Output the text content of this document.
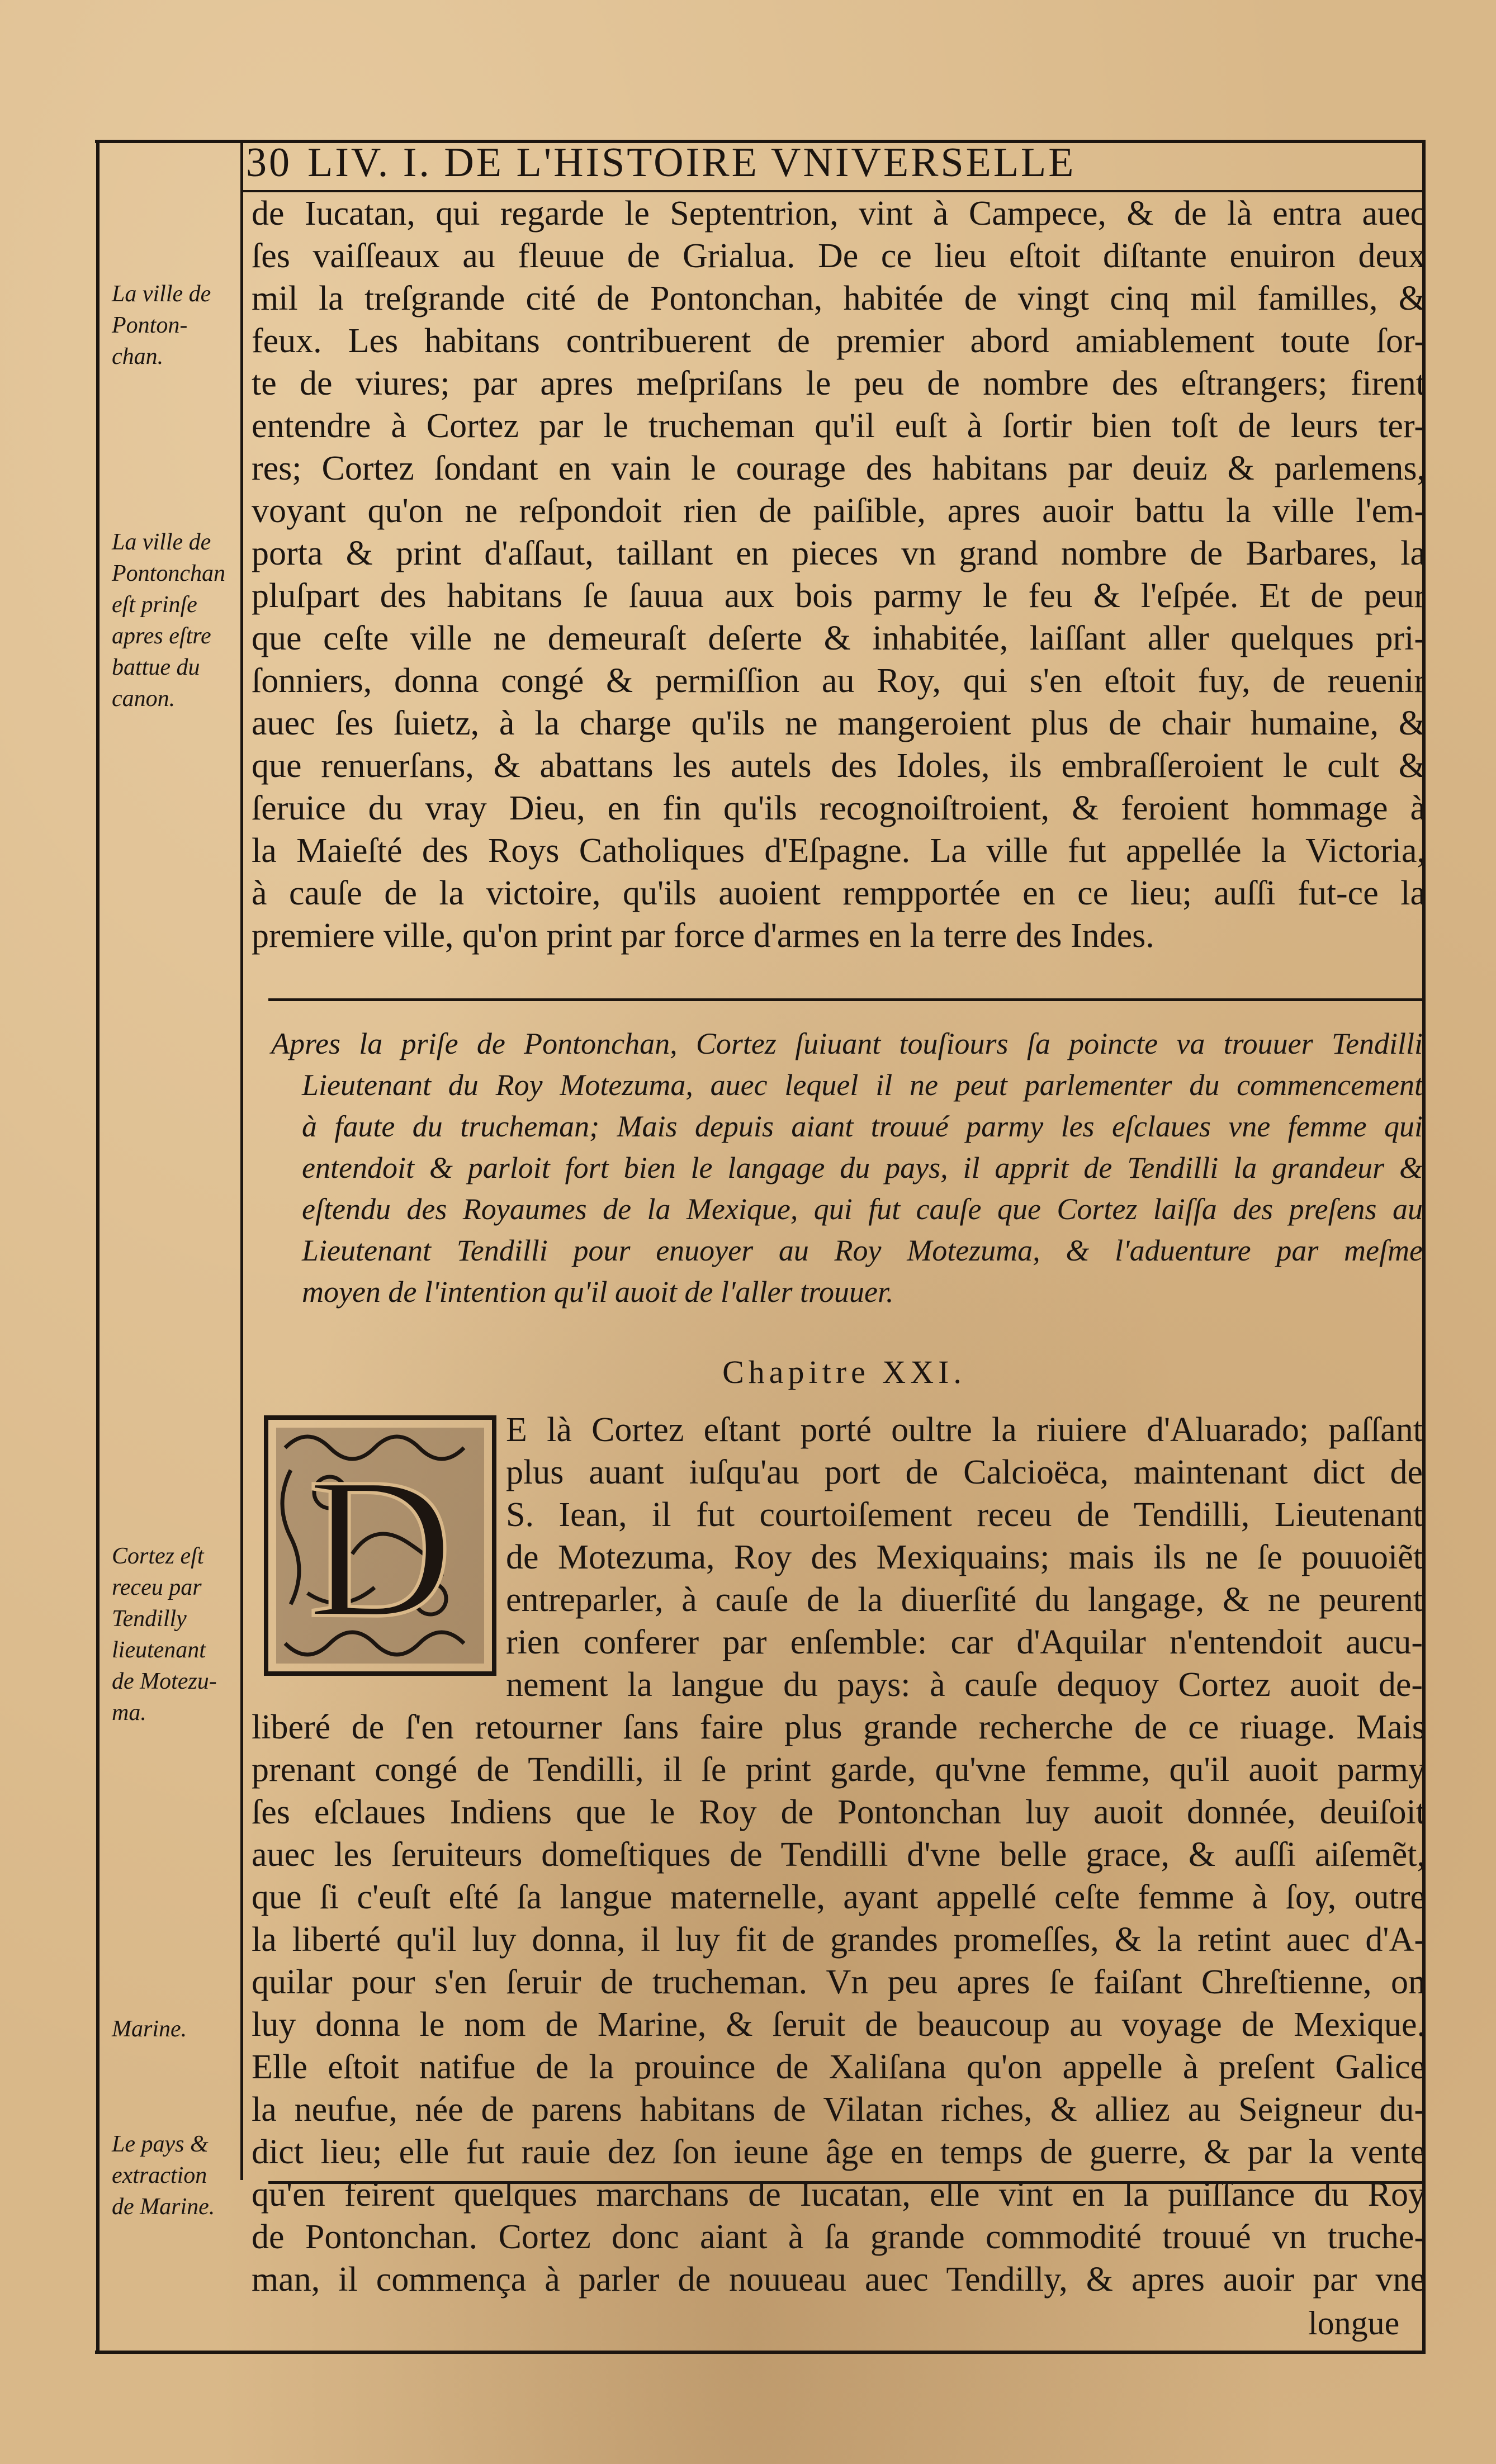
30 LIV. I. DE L'HISTOIRE VNIVERSELLE
de Iucatan, qui regarde le Septentrion, vint à Campece, & de là entra auec
ſes vaiſſeaux au fleuue de Grialua. De ce lieu eſtoit diſtante enuiron deux
mil la treſgrande cité de Pontonchan, habitée de vingt cinq mil familles, &
feux. Les habitans contribuerent de premier abord amiablement toute ſor-
te de viures; par apres meſpriſans le peu de nombre des eſtrangers; firent
entendre à Cortez par le trucheman qu'il euſt à ſortir bien toſt de leurs ter-
res; Cortez ſondant en vain le courage des habitans par deuiz & parlemens,
voyant qu'on ne reſpondoit rien de paiſible, apres auoir battu la ville l'em-
porta & print d'aſſaut, taillant en pieces vn grand nombre de Barbares, la
pluſpart des habitans ſe ſauua aux bois parmy le feu & l'eſpée. Et de peur
que ceſte ville ne demeuraſt deſerte & inhabitée, laiſſant aller quelques pri-
ſonniers, donna congé & permiſſion au Roy, qui s'en eſtoit fuy, de reuenir
auec ſes ſuietz, à la charge qu'ils ne mangeroient plus de chair humaine, &
que renuerſans, & abattans les autels des Idoles, ils embraſſeroient le cult &
ſeruice du vray Dieu, en fin qu'ils recognoiſtroient, & feroient hommage à
la Maieſté des Roys Catholiques d'Eſpagne. La ville fut appellée la Victoria,
à cauſe de la victoire, qu'ils auoient rempportée en ce lieu; auſſi fut-ce la
premiere ville, qu'on print par force d'armes en la terre des Indes.
Apres la priſe de Pontonchan, Cortez ſuiuant touſiours ſa poincte va trouuer Tendilli
Lieutenant du Roy Motezuma, auec lequel il ne peut parlementer du commencement
à faute du trucheman; Mais depuis aiant trouué parmy les eſclaues vne femme qui
entendoit & parloit fort bien le langage du pays, il apprit de Tendilli la grandeur &
eſtendu des Royaumes de la Mexique, qui fut cauſe que Cortez laiſſa des preſens au
Lieutenant Tendilli pour enuoyer au Roy Motezuma, & l'aduenture par meſme
moyen de l'intention qu'il auoit de l'aller trouuer.
Chapitre XXI.
D
E là Cortez eſtant porté oultre la riuiere d'Aluarado; paſſant
plus auant iuſqu'au port de Calcioëca, maintenant dict de
S. Iean, il fut courtoiſement receu de Tendilli, Lieutenant
de Motezuma, Roy des Mexiquains; mais ils ne ſe pouuoiẽt
entreparler, à cauſe de la diuerſité du langage, & ne peurent
rien conferer par enſemble: car d'Aquilar n'entendoit aucu-
nement la langue du pays: à cauſe dequoy Cortez auoit de-
liberé de ſ'en retourner ſans faire plus grande recherche de ce riuage. Mais
prenant congé de Tendilli, il ſe print garde, qu'vne femme, qu'il auoit parmy
ſes eſclaues Indiens que le Roy de Pontonchan luy auoit donnée, deuiſoit
auec les ſeruiteurs domeſtiques de Tendilli d'vne belle grace, & auſſi aiſemẽt,
que ſi c'euſt eſté ſa langue maternelle, ayant appellé ceſte femme à ſoy, outre
la liberté qu'il luy donna, il luy fit de grandes promeſſes, & la retint auec d'A-
quilar pour s'en ſeruir de trucheman. Vn peu apres ſe faiſant Chreſtienne, on
luy donna le nom de Marine, & ſeruit de beaucoup au voyage de Mexique.
Elle eſtoit natifue de la prouince de Xaliſana qu'on appelle à preſent Galice
la neufue, née de parens habitans de Vilatan riches, & alliez au Seigneur du-
dict lieu; elle fut rauie dez ſon ieune âge en temps de guerre, & par la vente
qu'en feirent quelques marchans de Iucatan, elle vint en la puiſſance du Roy
de Pontonchan. Cortez donc aiant à ſa grande commodité trouué vn truche-
man, il commença à parler de nouueau auec Tendilly, & apres auoir par vne
longue
La ville de
Ponton-
chan.
La ville de
Pontonchan
eſt prinſe
apres eſtre
battue du
canon.
Cortez eſt
receu par
Tendilly
lieutenant
de Motezu-
ma.
Marine.
Le pays &
extraction
de Marine.
